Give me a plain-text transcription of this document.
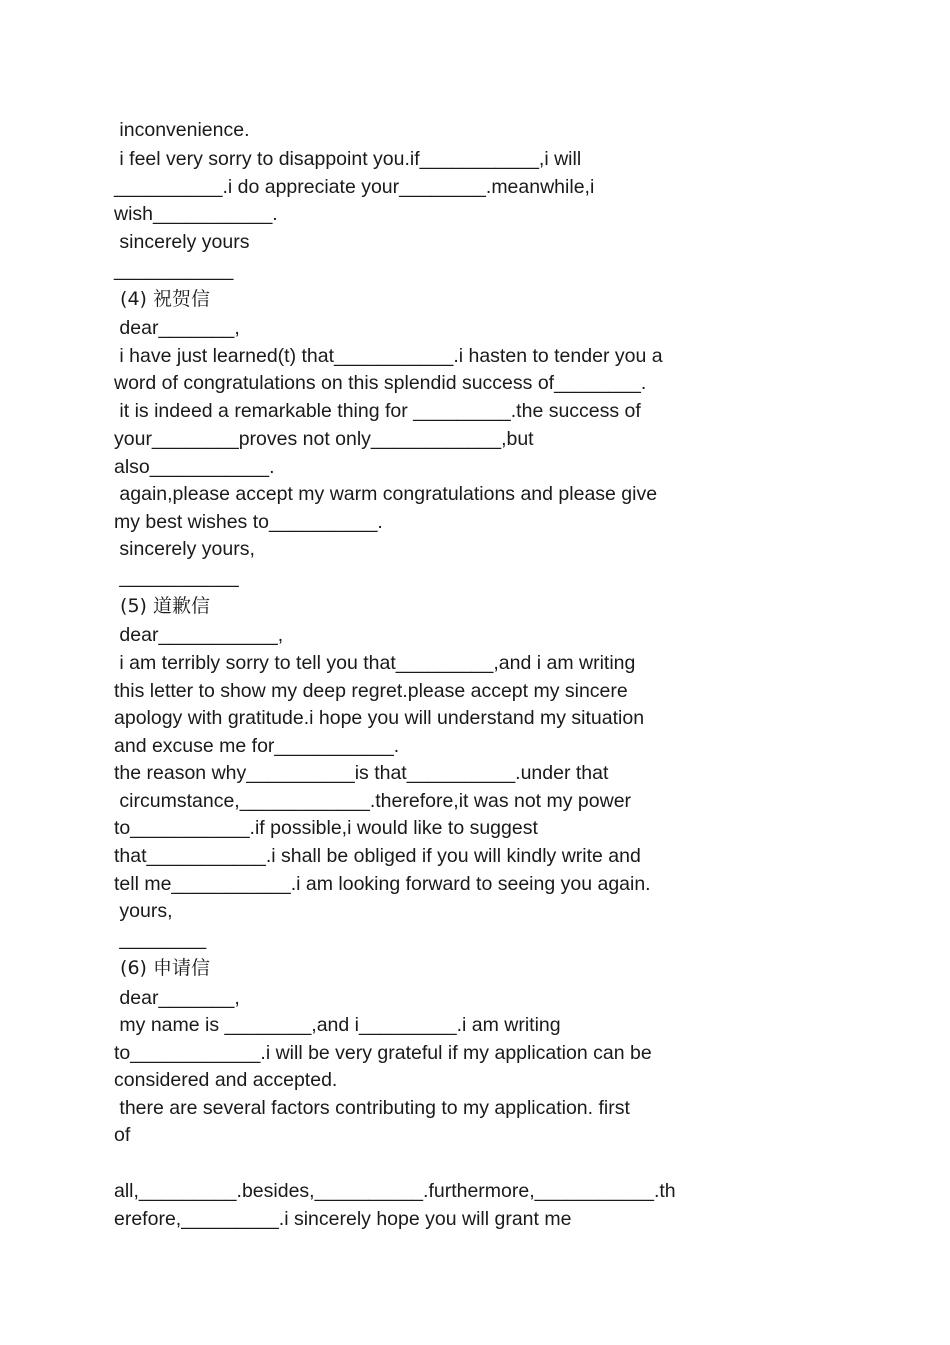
inconvenience.
i feel very sorry to disappoint you.if___________,i will
__________.i do appreciate your________.meanwhile,i
wish___________.
sincerely yours
___________
(4) 祝贺信
dear_______,
i have just learned(t) that___________.i hasten to tender you a
word of congratulations on this splendid success of________.
it is indeed a remarkable thing for _________.the success of
your________proves not only____________,but
also___________.
again,please accept my warm congratulations and please give
my best wishes to__________.
sincerely yours,
___________
(5) 道歉信
dear___________,
i am terribly sorry to tell you that_________,and i am writing
this letter to show my deep regret.please accept my sincere
apology with gratitude.i hope you will understand my situation
and excuse me for___________.
the reason why__________is that__________.under that
circumstance,____________.therefore,it was not my power
to___________.if possible,i would like to suggest
that___________.i shall be obliged if you will kindly write and
tell me___________.i am looking forward to seeing you again.
yours,
________
(6) 申请信
dear_______,
my name is ________,and i_________.i am writing
to____________.i will be very grateful if my application can be
considered and accepted.
there are several factors contributing to my application. first
of
all,_________.besides,__________.furthermore,___________.th
erefore,_________.i sincerely hope you will grant me
